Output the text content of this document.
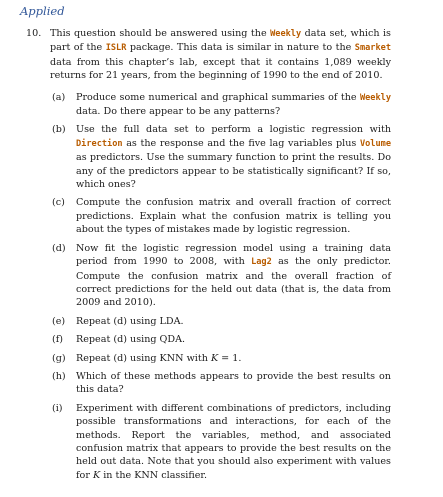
Applied
10. This question should be answered using the Weekly data set, which is part of the ISLR package. This data is similar in nature to the Smarket data from this chapter’s lab, except that it contains 1,089 weekly returns for 21 years, from the beginning of 1990 to the end of 2010.
(a) Produce some numerical and graphical summaries of the Weekly data. Do there appear to be any patterns?
(b) Use the full data set to perform a logistic regression with Direction as the response and the five lag variables plus Volume as predictors. Use the summary function to print the results. Do any of the predictors appear to be statistically significant? If so, which ones?
(c) Compute the confusion matrix and overall fraction of correct predictions. Explain what the confusion matrix is telling you about the types of mistakes made by logistic regression.
(d) Now fit the logistic regression model using a training data period from 1990 to 2008, with Lag2 as the only predictor. Compute the confusion matrix and the overall fraction of correct predictions for the held out data (that is, the data from 2009 and 2010).
(e) Repeat (d) using LDA.
(f) Repeat (d) using QDA.
(g) Repeat (d) using KNN with K = 1.
(h) Which of these methods appears to provide the best results on this data?
(i) Experiment with different combinations of predictors, including possible transformations and interactions, for each of the methods. Report the variables, method, and associated confusion matrix that appears to provide the best results on the held out data. Note that you should also experiment with values for K in the KNN classifier.
